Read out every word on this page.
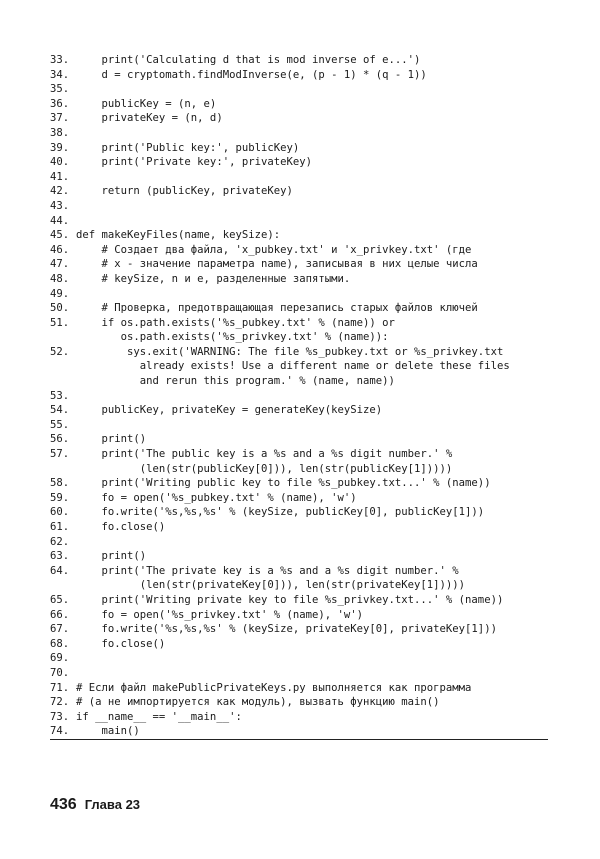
33. print('Calculating d that is mod inverse of e...')
34. d = cryptomath.findModInverse(e, (p - 1) * (q - 1))
35.
36. publicKey = (n, e)
37. privateKey = (n, d)
38.
39. print('Public key:', publicKey)
40. print('Private key:', privateKey)
41.
42. return (publicKey, privateKey)
43.
44.
45. def makeKeyFiles(name, keySize):
46. # Создает два файла, 'x_pubkey.txt' и 'x_privkey.txt' (где
47. # x - значение параметра name), записывая в них целые числа
48. # keySize, n и e, разделенные запятыми.
49.
50. # Проверка, предотвращающая перезапись старых файлов ключей
51.	if os.path.exists('%s_pubkey.txt' % (name)) or
os.path.exists('%s_privkey.txt' % (name)):
52.	sys.exit('WARNING: The file %s_pubkey.txt or %s_privkey.txt
already exists! Use a different name or delete these files
and rerun this program.' % (name, name))
53.
54. publicKey, privateKey = generateKey(keySize)
55.
56. print()
57.	print('The public key is a %s and a %s digit number.' %
(len(str(publicKey[0])), len(str(publicKey[1]))))
58. print('Writing public key to file %s_pubkey.txt...' % (name))
59. fo = open('%s_pubkey.txt' % (name), 'w')
60. fo.write('%s,%s,%s' % (keySize, publicKey[0], publicKey[1]))
61. fo.close()
62.
63. print()
64.	print('The private key is a %s and a %s digit number.' %
(len(str(privateKey[0])), len(str(privateKey[1]))))
65. print('Writing private key to file %s_privkey.txt...' % (name))
66. fo = open('%s_privkey.txt' % (name), 'w')
67. fo.write('%s,%s,%s' % (keySize, privateKey[0], privateKey[1]))
68. fo.close()
69.
70.
71. # Если файл makePublicPrivateKeys.py выполняется как программа
72. # (а не импортируется как модуль), вызвать функцию main()
73. if __name__ == '__main__':
74. main()
436 Глава 23
